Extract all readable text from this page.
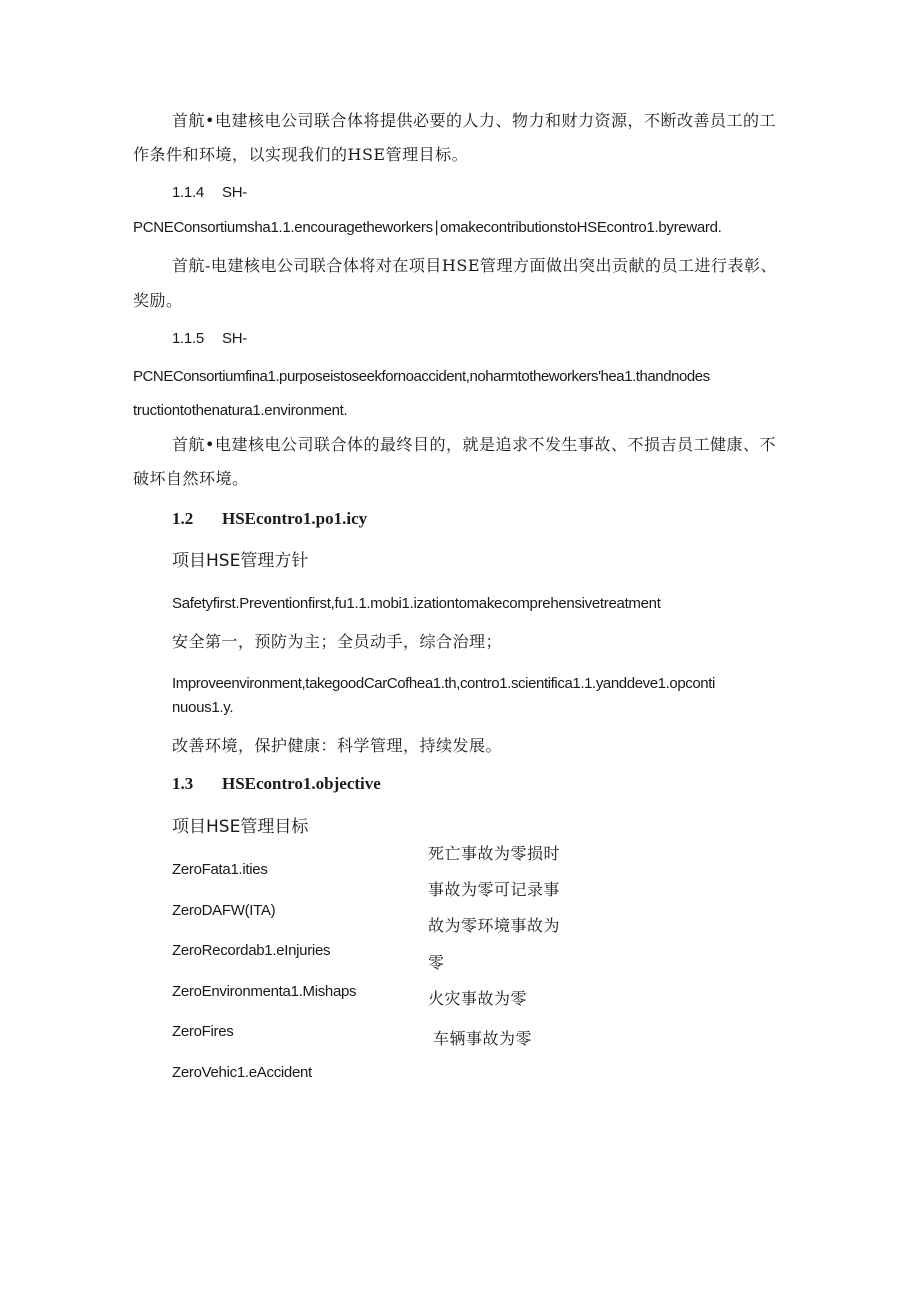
首航•电建核电公司联合体将提供必要的人力、物力和财力资源，不断改善员工的工
作条件和环境，以实现我们的HSE管理目标。
1.1.4 SH-
PCNEConsortiumsha1.1.encouragetheworkers∣omakecontributionstoHSEcontro1.byreward.
首航-电建核电公司联合体将对在项目HSE管理方面做出突出贡献的员工进行表彰、
奖励。
1.1.5 SH-
PCNEConsortiumfina1.purposeistoseekfornoaccident,noharmtotheworkers'hea1.thandnodes
tructiontothenatura1.environment.
首航•电建核电公司联合体的最终目的，就是追求不发生事故、不损吉员工健康、不
破坏自然环境。
1.2 HSEcontro1.po1.icy
项目HSE管理方针
Safetyfirst.Preventionfirst,fu1.1.mobi1.izationtomakecomprehensivetreatment
安全第一，预防为主；全员动手，综合治理；
Improveenvironment,takegoodCarCofhea1.th,contro1.scientifica1.1.yanddeve1.opconti
nuous1.y.
改善环境，保护健康：科学管理，持续发展。
1.3 HSEcontro1.objective
项目HSE管理目标
ZeroFata1.ities
ZeroDAFW(ITA)
ZeroRecordab1.eInjuries
ZeroEnvironmenta1.Mishaps
ZeroFires
ZeroVehic1.eAccident
死亡事故为零损时
事故为零可记录事
故为零环境事故为
零
火灾事故为零
车辆事故为零
